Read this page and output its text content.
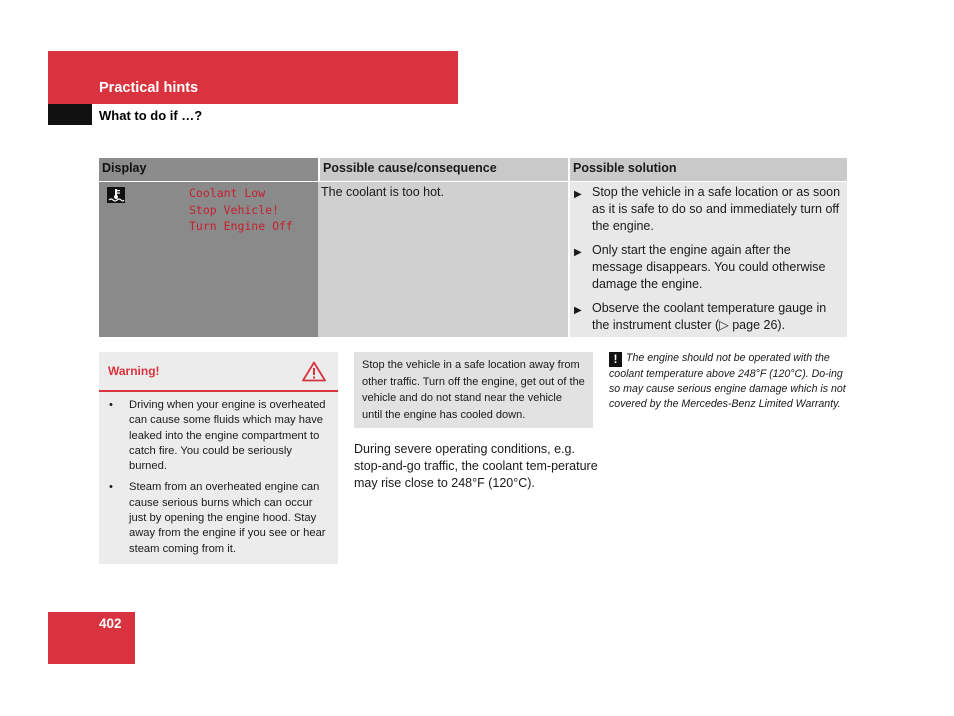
Practical hints
What to do if …?
Display	Possible cause/consequence	Possible solution
Coolant Low
Stop Vehicle!
Turn Engine Off
The coolant is too hot.	▶ Stop the vehicle in a safe location or as soon as it is safe to do so and immediately turn off the engine.
▶ Only start the engine again after the message disappears. You could otherwise damage the engine.
▶ Observe the coolant temperature gauge in the instrument cluster (▷ page 26).
Warning!
•	Driving when your engine is overheated can cause some fluids which may have leaked into the engine compartment to catch fire. You could be seriously burned.
•	Steam from an overheated engine can cause serious burns which can occur just by opening the engine hood. Stay away from the engine if you see or hear steam coming from it.
Stop the vehicle in a safe location away from other traffic. Turn off the engine, get out of the vehicle and do not stand near the vehicle until the engine has cooled down.
During severe operating conditions, e.g. stop-and-go traffic, the coolant tem-perature may rise close to 248°F (120°C).
! The engine should not be operated with the coolant temperature above 248°F (120°C). Do-ing so may cause serious engine damage which is not covered by the Mercedes-Benz Limited Warranty.
402
